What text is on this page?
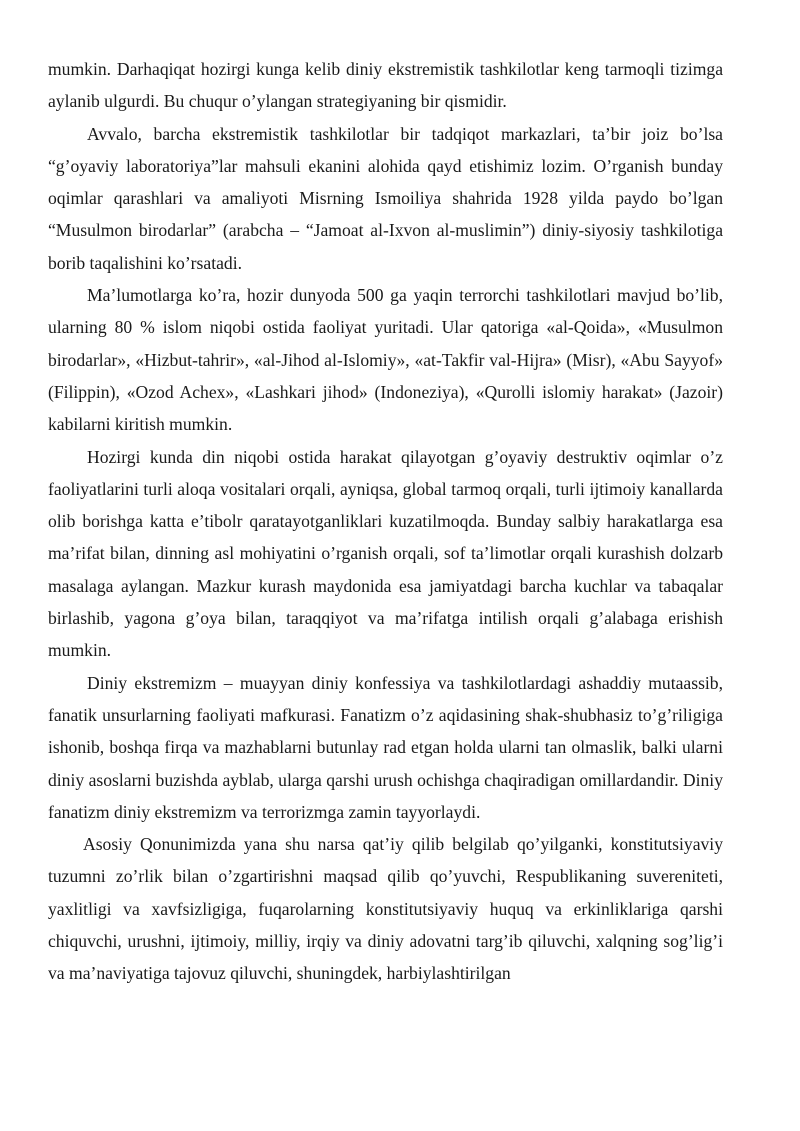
mumkin. Darhaqiqat hozirgi kunga kelib diniy ekstremistik tashkilotlar keng tarmoqli tizimga aylanib ulgurdi. Bu chuqur o’ylangan strategiyaning bir qismidir.

Avvalo, barcha ekstremistik tashkilotlar bir tadqiqot markazlari, ta’bir joiz bo’lsa “g’oyaviy laboratoriya”lar mahsuli ekanini alohida qayd etishimiz lozim. O’rganish bunday oqimlar qarashlari va amaliyoti Misrning Ismoiliya shahrida 1928 yilda paydo bo’lgan “Musulmon birodarlar” (arabcha – “Jamoat al-Ixvon al-muslimin”) diniy-siyosiy tashkilotiga borib taqalishini ko’rsatadi.

Ma’lumotlarga ko’ra, hozir dunyoda 500 ga yaqin terrorchi tashkilotlari mavjud bo’lib, ularning 80 % islom niqobi ostida faoliyat yuritadi. Ular qatoriga «al-Qoida», «Musulmon birodarlar», «Hizbut-tahrir», «al-Jihod al-Islomiy», «at-Takfir val-Hijra» (Misr), «Abu Sayyof» (Filippin), «Ozod Achex», «Lashkari jihod» (Indoneziya), «Qurolli islomiy harakat» (Jazoir) kabilarni kiritish mumkin.

Hozirgi kunda din niqobi ostida harakat qilayotgan g’oyaviy destruktiv oqimlar o’z faoliyatlarini turli aloqa vositalari orqali, ayniqsa, global tarmoq orqali, turli ijtimoiy kanallarda olib borishga katta e’tibolr qaratayotganliklari kuzatilmoqda. Bunday salbiy harakatlarga esa ma’rifat bilan, dinning asl mohiyatini o’rganish orqali, sof ta’limotlar orqali kurashish dolzarb masalaga aylangan. Mazkur kurash maydonida esa jamiyatdagi barcha kuchlar va tabaqalar birlashib, yagona g’oya bilan, taraqqiyot va ma’rifatga intilish orqali g’alabaga erishish mumkin.

Diniy ekstremizm – muayyan diniy konfessiya va tashkilotlardagi ashaddiy mutaassib, fanatik unsurlarning faoliyati mafkurasi. Fanatizm o’z aqidasining shak-shubhasiz to’g’riligiga ishonib, boshqa firqa va mazhablarni butunlay rad etgan holda ularni tan olmaslik, balki ularni diniy asoslarni buzishda ayblab, ularga qarshi urush ochishga chaqiradigan omillardandir. Diniy fanatizm diniy ekstremizm va terrorizmga zamin tayyorlaydi.

Asosiy Qonunimizda yana shu narsa qat’iy qilib belgilab qo’yilganki, konstitutsiyaviy tuzumni zo’rlik bilan o’zgartirishni maqsad qilib qo’yuvchi, Respublikaning suvereniteti, yaxlitligi va xavfsizligiga, fuqarolarning konstitutsiyaviy huquq va erkinliklariga qarshi chiquvchi, urushni, ijtimoiy, milliy, irqiy va diniy adovatni targ’ib qiluvchi, xalqning sog’lig’i va ma’naviyatiga tajovuz qiluvchi, shuningdek, harbiylashtirilgan
